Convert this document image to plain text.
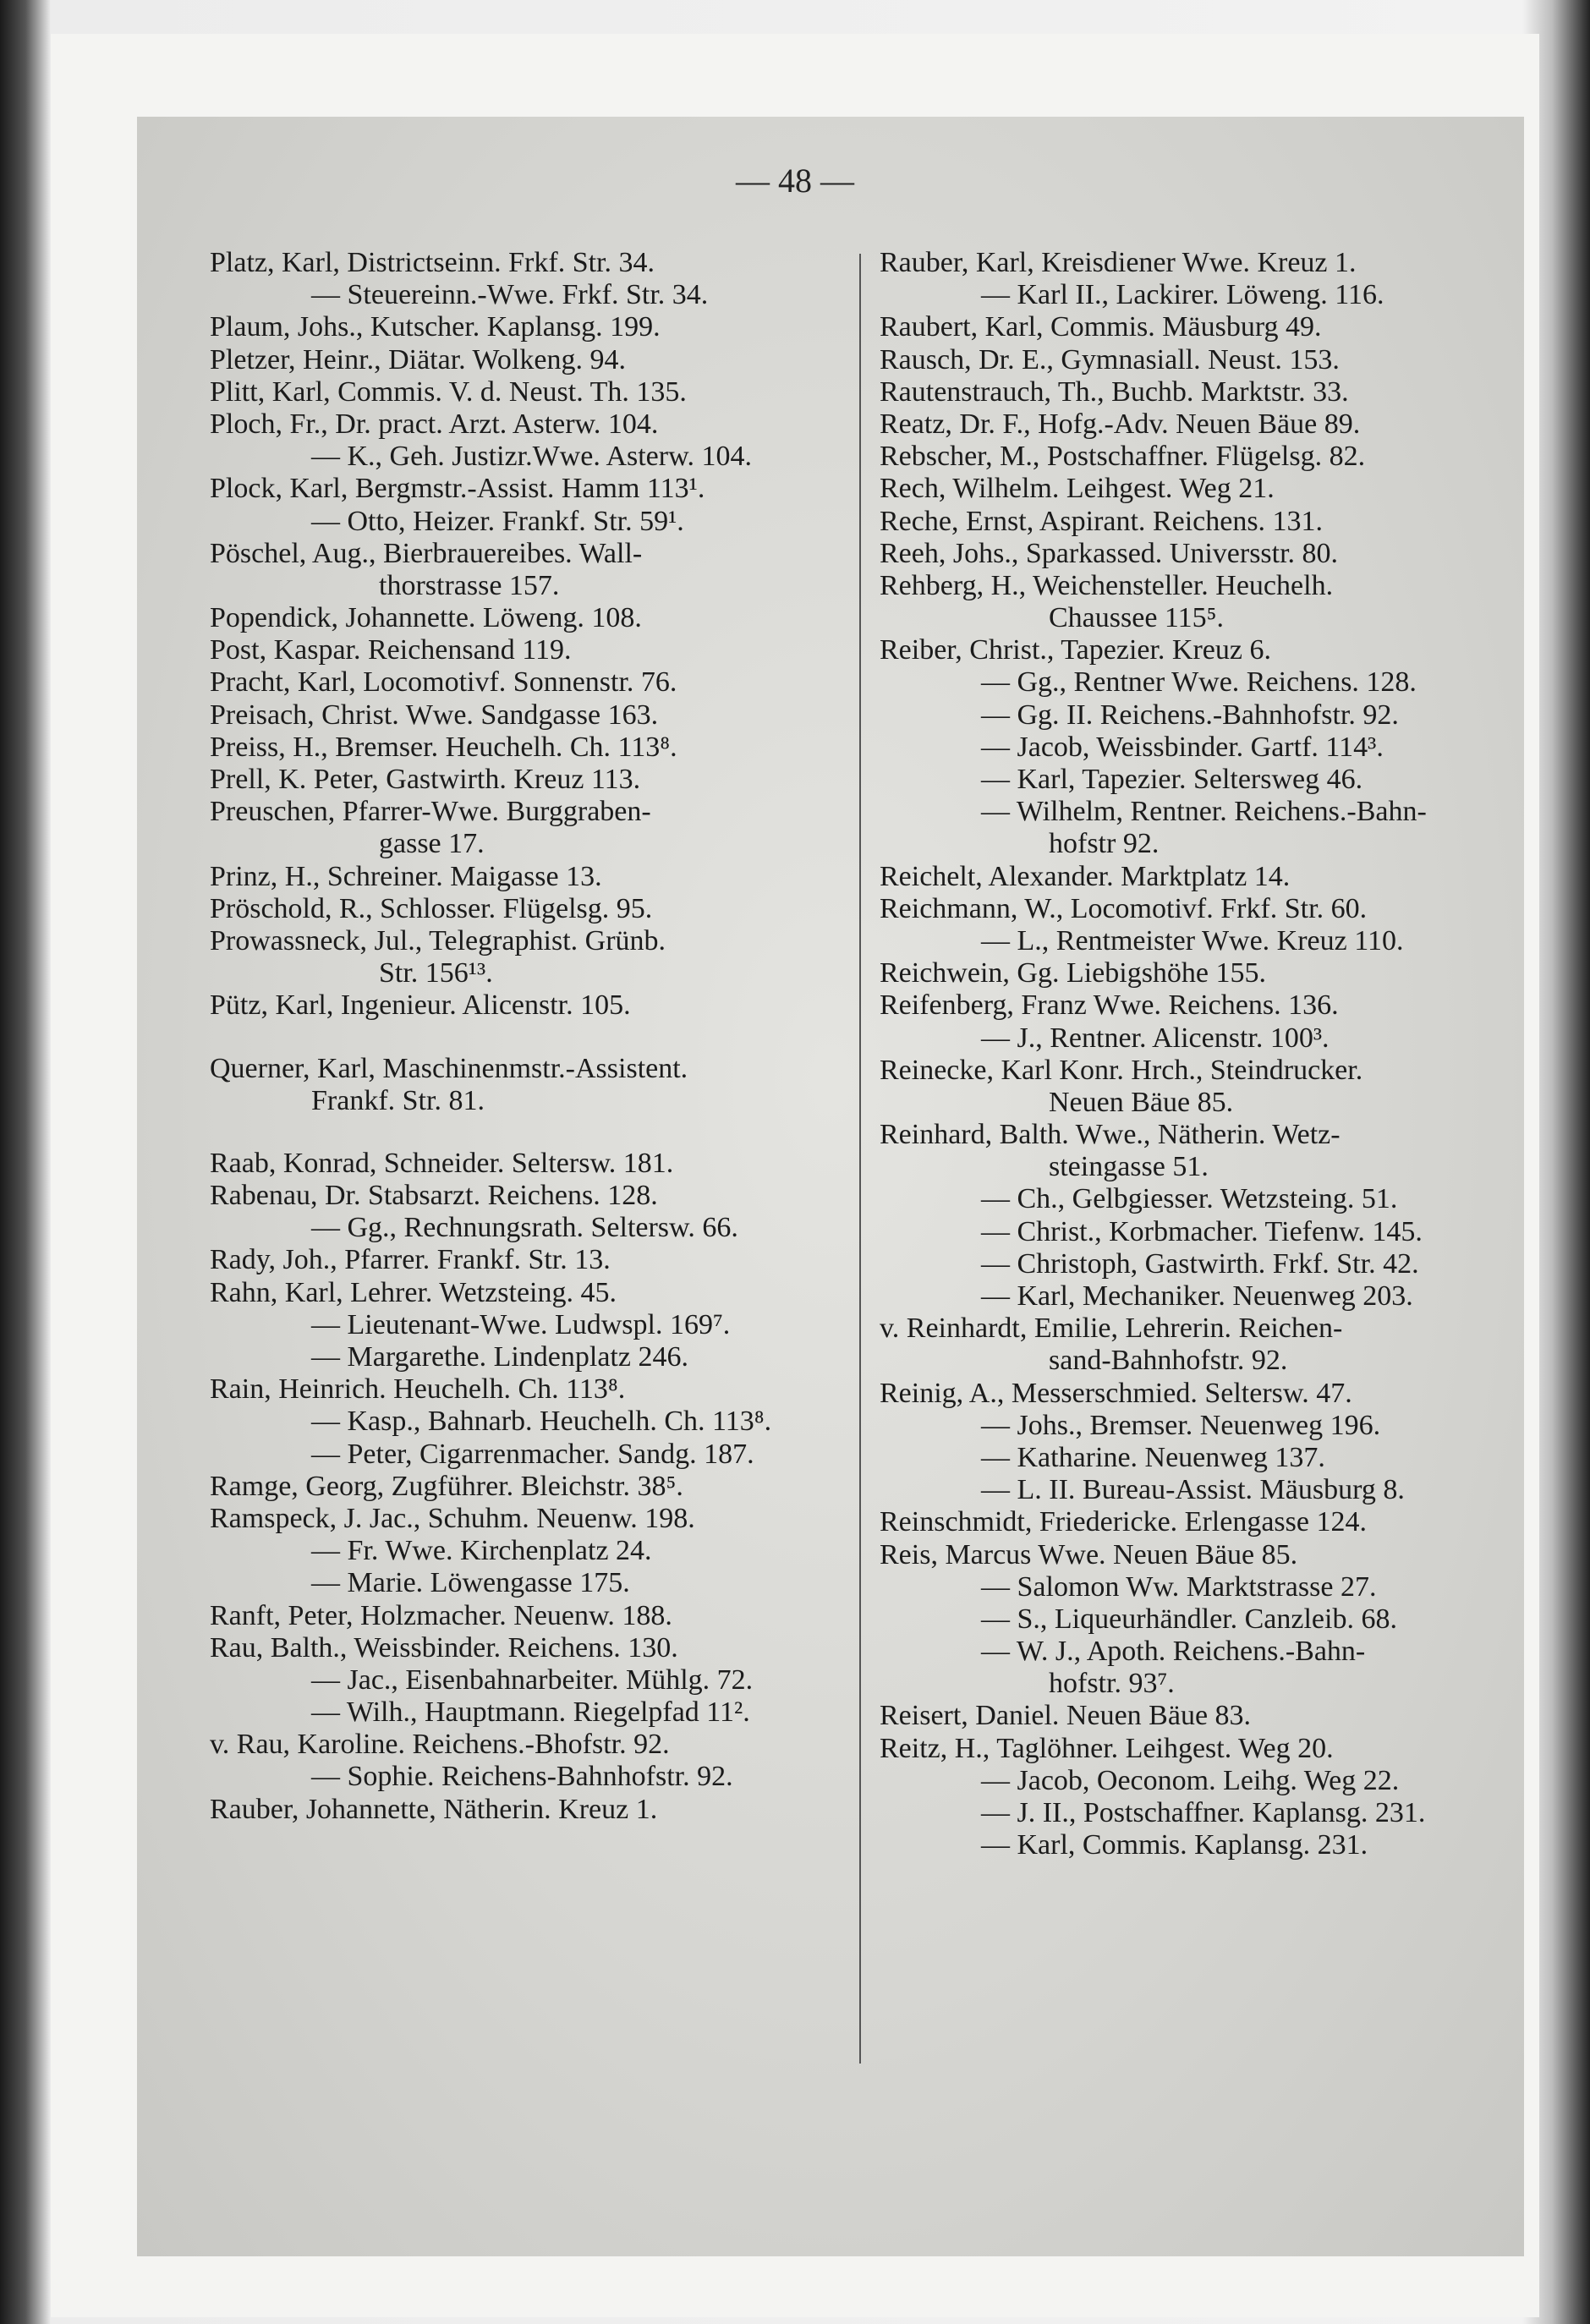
— 48 —
Platz, Karl, Districtseinn. Frkf. Str. 34.
— Steuereinn.-Wwe. Frkf. Str. 34.
Plaum, Johs., Kutscher. Kaplansg. 199.
Pletzer, Heinr., Diätar. Wolkeng. 94.
Plitt, Karl, Commis. V. d. Neust. Th. 135.
Ploch, Fr., Dr. pract. Arzt. Asterw. 104.
— K., Geh. Justizr.Wwe. Asterw. 104.
Plock, Karl, Bergmstr.-Assist. Hamm 113¹.
— Otto, Heizer. Frankf. Str. 59¹.
Pöschel, Aug., Bierbrauereibes. Wall-
thorstrasse 157.
Popendick, Johannette. Löweng. 108.
Post, Kaspar. Reichensand 119.
Pracht, Karl, Locomotivf. Sonnenstr. 76.
Preisach, Christ. Wwe. Sandgasse 163.
Preiss, H., Bremser. Heuchelh. Ch. 113⁸.
Prell, K. Peter, Gastwirth. Kreuz 113.
Preuschen, Pfarrer-Wwe. Burggraben-
gasse 17.
Prinz, H., Schreiner. Maigasse 13.
Pröschold, R., Schlosser. Flügelsg. 95.
Prowassneck, Jul., Telegraphist. Grünb.
Str. 156¹³.
Pütz, Karl, Ingenieur. Alicenstr. 105.
Querner, Karl, Maschinenmstr.-Assistent.
Frankf. Str. 81.
Raab, Konrad, Schneider. Seltersw. 181.
Rabenau, Dr. Stabsarzt. Reichens. 128.
— Gg., Rechnungsrath. Seltersw. 66.
Rady, Joh., Pfarrer. Frankf. Str. 13.
Rahn, Karl, Lehrer. Wetzsteing. 45.
— Lieutenant-Wwe. Ludwspl. 169⁷.
— Margarethe. Lindenplatz 246.
Rain, Heinrich. Heuchelh. Ch. 113⁸.
— Kasp., Bahnarb. Heuchelh. Ch. 113⁸.
— Peter, Cigarrenmacher. Sandg. 187.
Ramge, Georg, Zugführer. Bleichstr. 38⁵.
Ramspeck, J. Jac., Schuhm. Neuenw. 198.
— Fr. Wwe. Kirchenplatz 24.
— Marie. Löwengasse 175.
Ranft, Peter, Holzmacher. Neuenw. 188.
Rau, Balth., Weissbinder. Reichens. 130.
— Jac., Eisenbahnarbeiter. Mühlg. 72.
— Wilh., Hauptmann. Riegelpfad 11².
v. Rau, Karoline. Reichens.-Bhofstr. 92.
— Sophie. Reichens-Bahnhofstr. 92.
Rauber, Johannette, Nätherin. Kreuz 1.
Rauber, Karl, Kreisdiener Wwe. Kreuz 1.
— Karl II., Lackirer. Löweng. 116.
Raubert, Karl, Commis. Mäusburg 49.
Rausch, Dr. E., Gymnasiall. Neust. 153.
Rautenstrauch, Th., Buchb. Marktstr. 33.
Reatz, Dr. F., Hofg.-Adv. Neuen Bäue 89.
Rebscher, M., Postschaffner. Flügelsg. 82.
Rech, Wilhelm. Leihgest. Weg 21.
Reche, Ernst, Aspirant. Reichens. 131.
Reeh, Johs., Sparkassed. Universstr. 80.
Rehberg, H., Weichensteller. Heuchelh.
Chaussee 115⁵.
Reiber, Christ., Tapezier. Kreuz 6.
— Gg., Rentner Wwe. Reichens. 128.
— Gg. II. Reichens.-Bahnhofstr. 92.
— Jacob, Weissbinder. Gartf. 114³.
— Karl, Tapezier. Seltersweg 46.
— Wilhelm, Rentner. Reichens.-Bahn-
hofstr 92.
Reichelt, Alexander. Marktplatz 14.
Reichmann, W., Locomotivf. Frkf. Str. 60.
— L., Rentmeister Wwe. Kreuz 110.
Reichwein, Gg. Liebigshöhe 155.
Reifenberg, Franz Wwe. Reichens. 136.
— J., Rentner. Alicenstr. 100³.
Reinecke, Karl Konr. Hrch., Steindrucker.
Neuen Bäue 85.
Reinhard, Balth. Wwe., Nätherin. Wetz-
steingasse 51.
— Ch., Gelbgiesser. Wetzsteing. 51.
— Christ., Korbmacher. Tiefenw. 145.
— Christoph, Gastwirth. Frkf. Str. 42.
— Karl, Mechaniker. Neuenweg 203.
v. Reinhardt, Emilie, Lehrerin. Reichen-
sand-Bahnhofstr. 92.
Reinig, A., Messerschmied. Seltersw. 47.
— Johs., Bremser. Neuenweg 196.
— Katharine. Neuenweg 137.
— L. II. Bureau-Assist. Mäusburg 8.
Reinschmidt, Friedericke. Erlengasse 124.
Reis, Marcus Wwe. Neuen Bäue 85.
— Salomon Ww. Marktstrasse 27.
— S., Liqueurhändler. Canzleib. 68.
— W. J., Apoth. Reichens.-Bahn-
hofstr. 93⁷.
Reisert, Daniel. Neuen Bäue 83.
Reitz, H., Taglöhner. Leihgest. Weg 20.
— Jacob, Oeconom. Leihg. Weg 22.
— J. II., Postschaffner. Kaplansg. 231.
— Karl, Commis. Kaplansg. 231.
